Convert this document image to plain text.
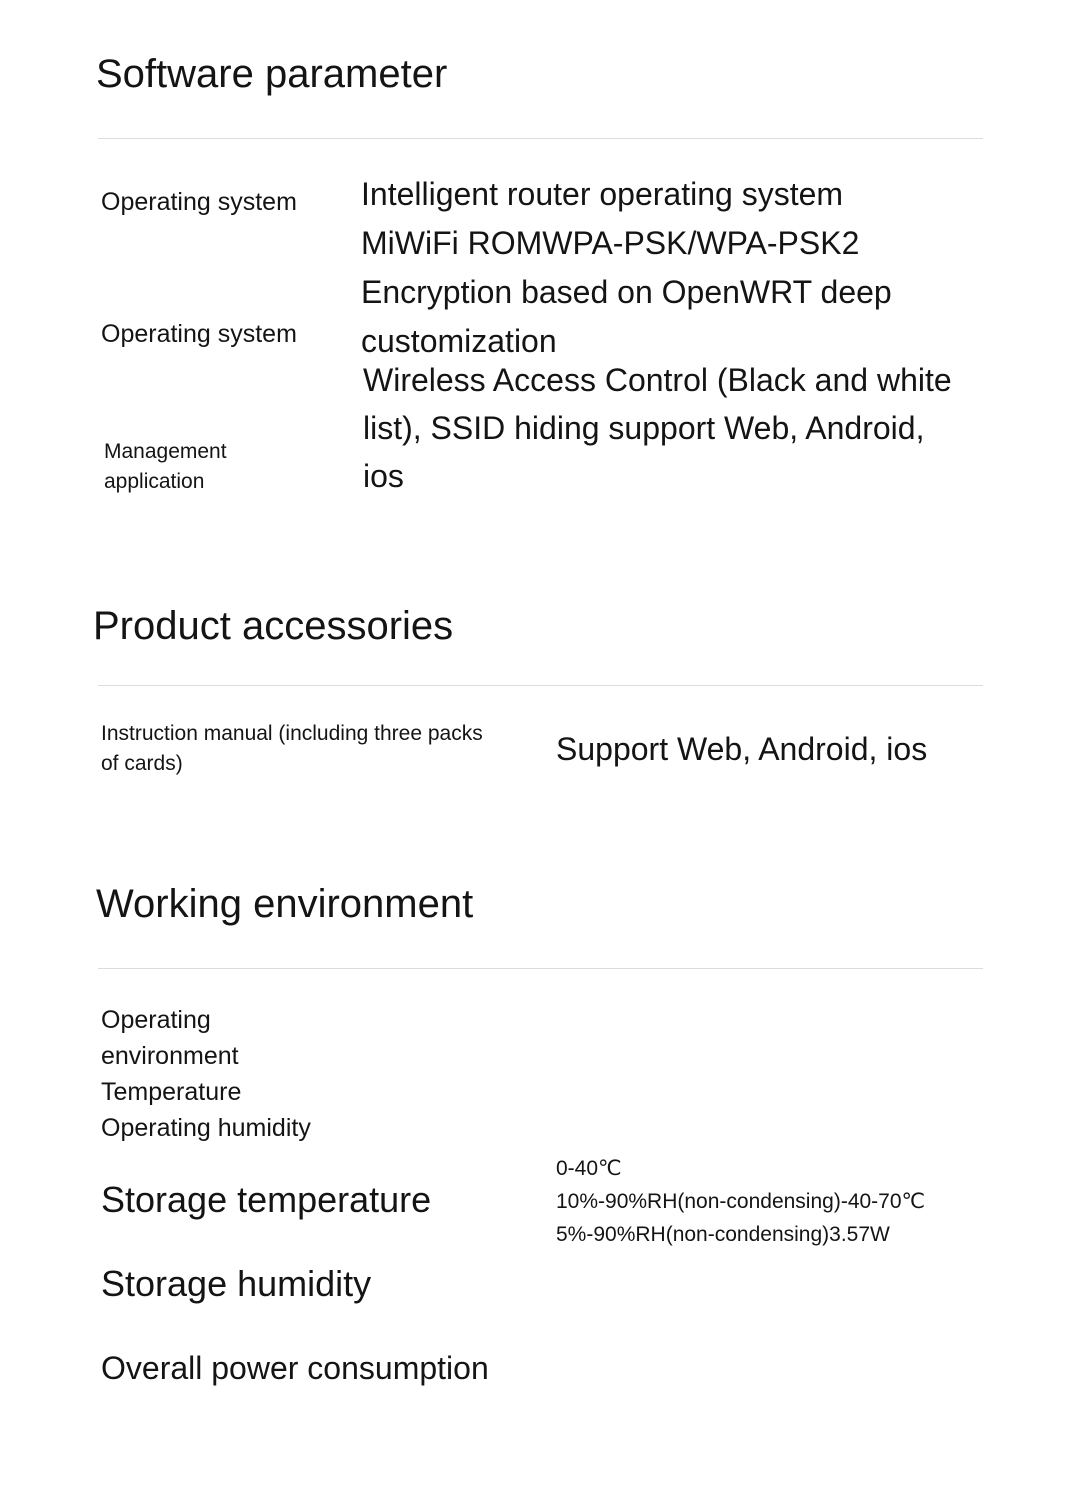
Software parameter
Operating system
Operating system
Management application
Intelligent router operating system
MiWiFi ROMWPA-PSK/WPA-PSK2
Encryption based on OpenWRT deep
customization
Wireless Access Control (Black and white
list), SSID hiding support Web, Android,
ios
Product accessories
Instruction manual (including three packs of cards)	Support Web, Android, ios
Working environment
Operating
environment
Temperature
Operating humidity
Storage temperature
Storage humidity
Overall power consumption
0-40℃
10%-90%RH(non-condensing)-40-70℃
5%-90%RH(non-condensing)3.57W
